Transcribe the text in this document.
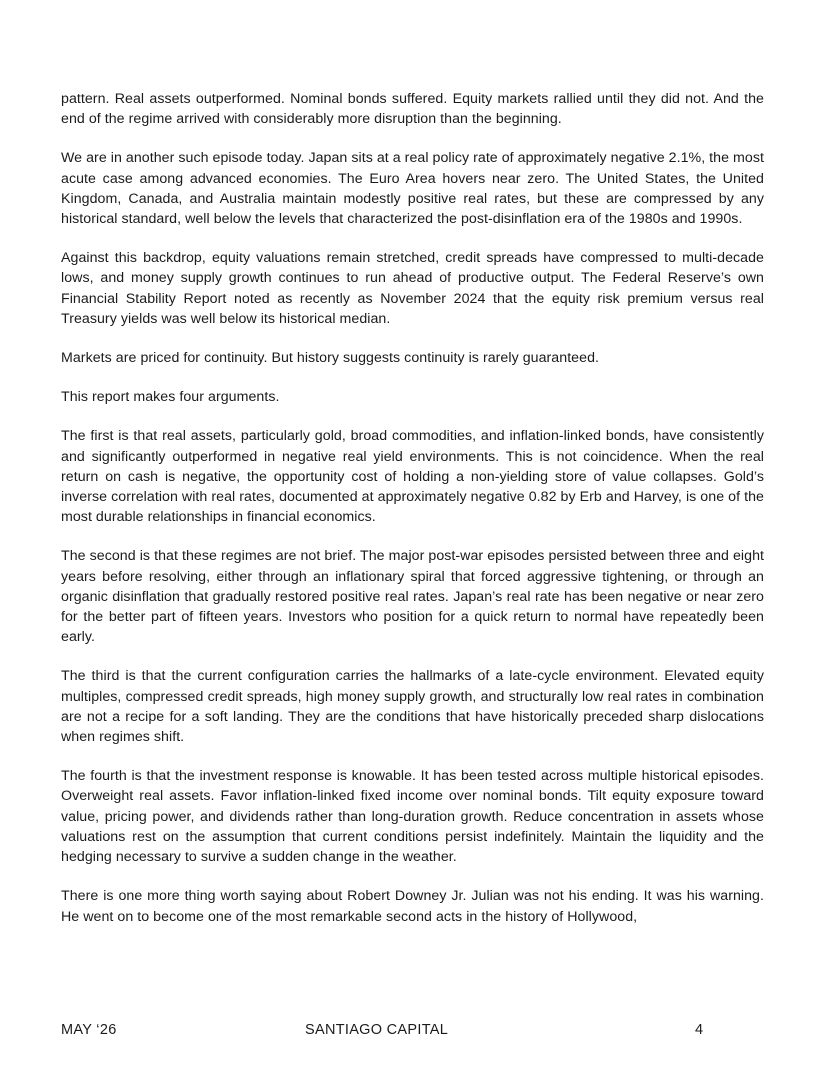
pattern. Real assets outperformed. Nominal bonds suffered. Equity markets rallied until they did not. And the end of the regime arrived with considerably more disruption than the beginning.

We are in another such episode today. Japan sits at a real policy rate of approximately negative 2.1%, the most acute case among advanced economies. The Euro Area hovers near zero. The United States, the United Kingdom, Canada, and Australia maintain modestly positive real rates, but these are compressed by any historical standard, well below the levels that characterized the post-disinflation era of the 1980s and 1990s.

Against this backdrop, equity valuations remain stretched, credit spreads have compressed to multi-decade lows, and money supply growth continues to run ahead of productive output. The Federal Reserve’s own Financial Stability Report noted as recently as November 2024 that the equity risk premium versus real Treasury yields was well below its historical median.

Markets are priced for continuity. But history suggests continuity is rarely guaranteed.

This report makes four arguments.

The first is that real assets, particularly gold, broad commodities, and inflation-linked bonds, have consistently and significantly outperformed in negative real yield environments. This is not coincidence. When the real return on cash is negative, the opportunity cost of holding a non-yielding store of value collapses. Gold’s inverse correlation with real rates, documented at approximately negative 0.82 by Erb and Harvey, is one of the most durable relationships in financial economics.

The second is that these regimes are not brief. The major post-war episodes persisted between three and eight years before resolving, either through an inflationary spiral that forced aggressive tightening, or through an organic disinflation that gradually restored positive real rates. Japan’s real rate has been negative or near zero for the better part of fifteen years. Investors who position for a quick return to normal have repeatedly been early.

The third is that the current configuration carries the hallmarks of a late-cycle environment. Elevated equity multiples, compressed credit spreads, high money supply growth, and structurally low real rates in combination are not a recipe for a soft landing. They are the conditions that have historically preceded sharp dislocations when regimes shift.

The fourth is that the investment response is knowable. It has been tested across multiple historical episodes. Overweight real assets. Favor inflation-linked fixed income over nominal bonds. Tilt equity exposure toward value, pricing power, and dividends rather than long-duration growth. Reduce concentration in assets whose valuations rest on the assumption that current conditions persist indefinitely. Maintain the liquidity and the hedging necessary to survive a sudden change in the weather.

There is one more thing worth saying about Robert Downey Jr. Julian was not his ending. It was his warning. He went on to become one of the most remarkable second acts in the history of Hollywood,

MAY ‘26	SANTIAGO CAPITAL	4
